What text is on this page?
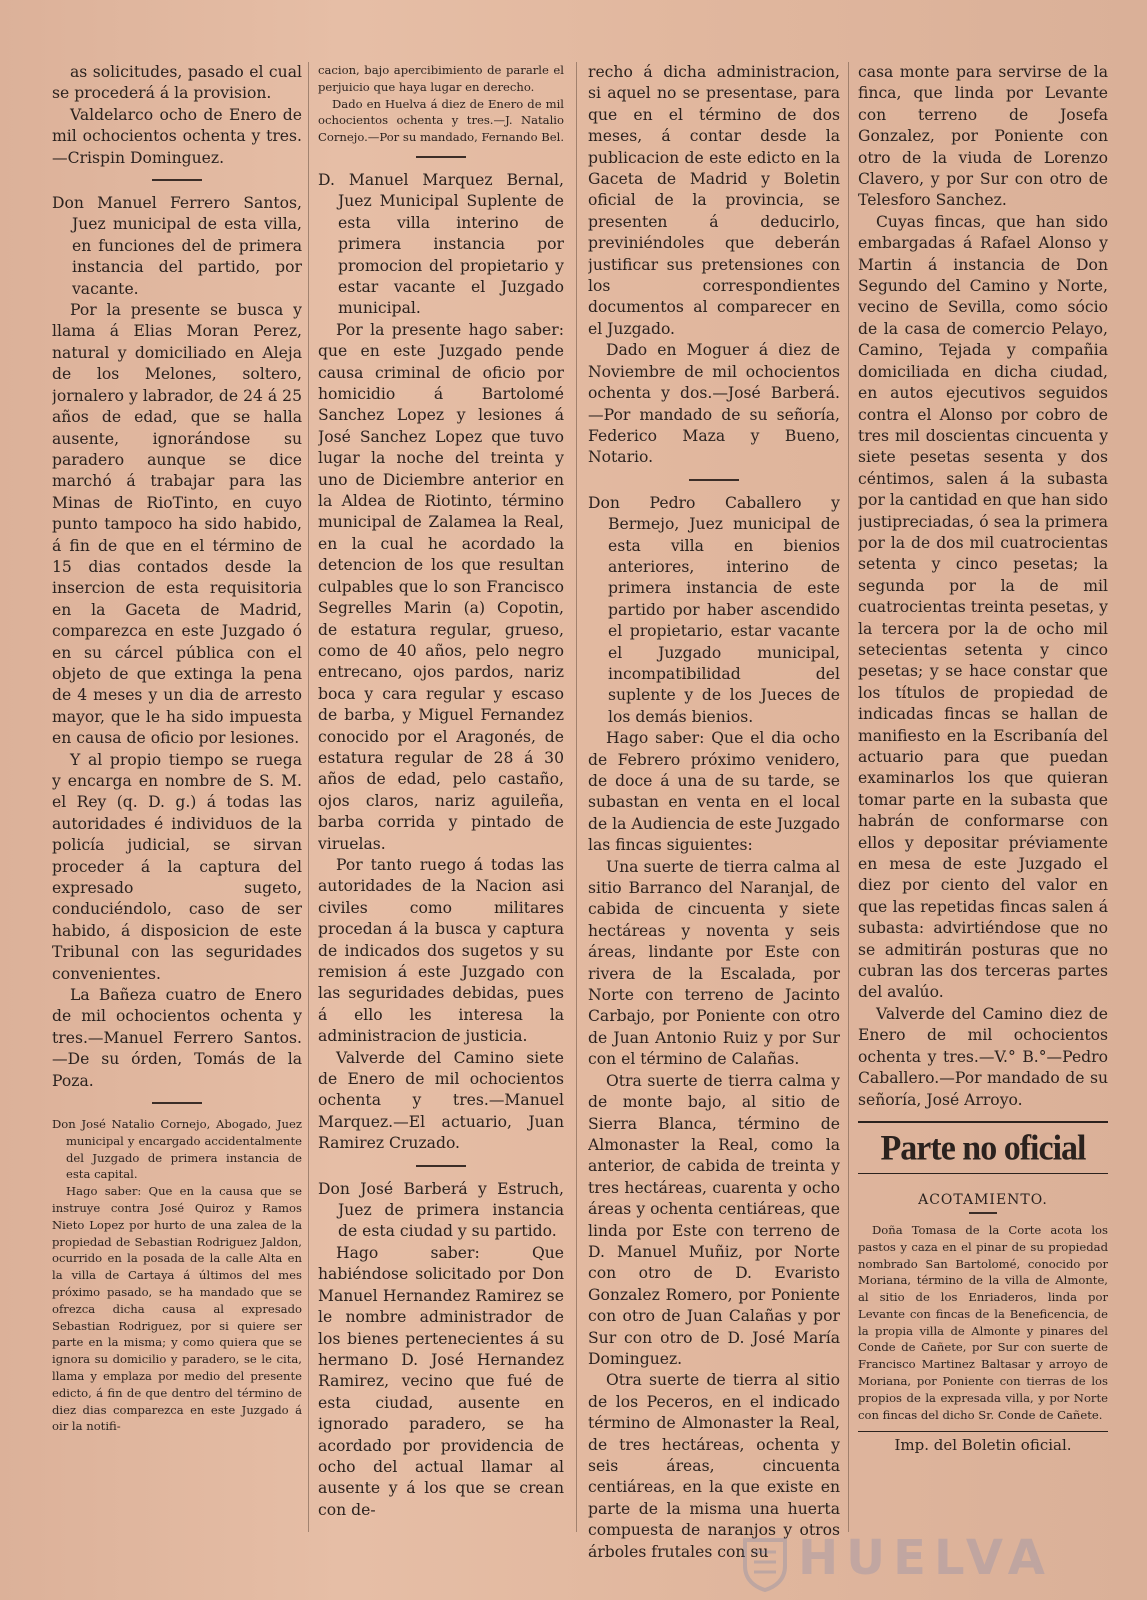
as solicitudes, pasado el cual se procederá á la provision.

Valdelarco ocho de Enero de mil ochocientos ochenta y tres.—Crispin Dominguez.

Don Manuel Ferrero Santos, Juez municipal de esta villa, en funciones del de primera instancia del partido, por vacante.

Por la presente se busca y llama á Elias Moran Perez, natural y domiciliado en Aleja de los Melones, soltero, jornalero y labrador, de 24 á 25 años de edad, que se halla ausente, ignorándose su paradero aunque se dice marchó á trabajar para las Minas de RioTinto, en cuyo punto tampoco ha sido habido, á fin de que en el término de 15 dias contados desde la insercion de esta requisitoria en la Gaceta de Madrid, comparezca en este Juzgado ó en su cárcel pública con el objeto de que extinga la pena de 4 meses y un dia de arresto mayor, que le ha sido impuesta en causa de oficio por lesiones.

Y al propio tiempo se ruega y encarga en nombre de S. M. el Rey (q. D. g.) á todas las autoridades é individuos de la policía judicial, se sirvan proceder á la captura del expresado sugeto, conduciéndolo, caso de ser habido, á disposicion de este Tribunal con las seguridades convenientes.

La Bañeza cuatro de Enero de mil ochocientos ochenta y tres.—Manuel Ferrero Santos.—De su órden, Tomás de la Poza.

Don José Natalio Cornejo, Abogado, Juez municipal y encargado accidentalmente del Juzgado de primera instancia de esta capital.

Hago saber: Que en la causa que se instruye contra José Quiroz y Ramos Nieto Lopez por hurto de una zalea de la propiedad de Sebastian Rodriguez Jaldon, ocurrido en la posada de la calle Alta en la villa de Cartaya á últimos del mes próximo pasado, se ha mandado que se ofrezca dicha causa al expresado Sebastian Rodriguez, por si quiere ser parte en la misma; y como quiera que se ignora su domicilio y paradero, se le cita, llama y emplaza por medio del presente edicto, á fin de que dentro del término de diez dias comparezca en este Juzgado á oir la notifi-

cacion, bajo apercibimiento de pararle el perjuicio que haya lugar en derecho.

Dado en Huelva á diez de Enero de mil ochocientos ochenta y tres.—J. Natalio Cornejo.—Por su mandado, Fernando Bel.

D. Manuel Marquez Bernal, Juez Municipal Suplente de esta villa interino de primera instancia por promocion del propietario y estar vacante el Juzgado municipal.

Por la presente hago saber: que en este Juzgado pende causa criminal de oficio por homicidio á Bartolomé Sanchez Lopez y lesiones á José Sanchez Lopez que tuvo lugar la noche del treinta y uno de Diciembre anterior en la Aldea de Riotinto, término municipal de Zalamea la Real, en la cual he acordado la detencion de los que resultan culpables que lo son Francisco Segrelles Marin (a) Copotin, de estatura regular, grueso, como de 40 años, pelo negro entrecano, ojos pardos, nariz boca y cara regular y escaso de barba, y Miguel Fernandez conocido por el Aragonés, de estatura regular de 28 á 30 años de edad, pelo castaño, ojos claros, nariz aguileña, barba corrida y pintado de viruelas.

Por tanto ruego á todas las autoridades de la Nacion asi civiles como militares procedan á la busca y captura de indicados dos sugetos y su remision á este Juzgado con las seguridades debidas, pues á ello les interesa la administracion de justicia.

Valverde del Camino siete de Enero de mil ochocientos ochenta y tres.—Manuel Marquez.—El actuario, Juan Ramirez Cruzado.

Don José Barberá y Estruch, Juez de primera instancia de esta ciudad y su partido.

Hago saber: Que habiéndose solicitado por Don Manuel Hernandez Ramirez se le nombre administrador de los bienes pertenecientes á su hermano D. José Hernandez Ramirez, vecino que fué de esta ciudad, ausente en ignorado paradero, se ha acordado por providencia de ocho del actual llamar al ausente y á los que se crean con de-

recho á dicha administracion, si aquel no se presentase, para que en el término de dos meses, á contar desde la publicacion de este edicto en la Gaceta de Madrid y Boletin oficial de la provincia, se presenten á deducirlo, previniéndoles que deberán justificar sus pretensiones con los correspondientes documentos al comparecer en el Juzgado.

Dado en Moguer á diez de Noviembre de mil ochocientos ochenta y dos.—José Barberá.—Por mandado de su señoría, Federico Maza y Bueno, Notario.

Don Pedro Caballero y Bermejo, Juez municipal de esta villa en bienios anteriores, interino de primera instancia de este partido por haber ascendido el propietario, estar vacante el Juzgado municipal, incompatibilidad del suplente y de los Jueces de los demás bienios.

Hago saber: Que el dia ocho de Febrero próximo venidero, de doce á una de su tarde, se subastan en venta en el local de la Audiencia de este Juzgado las fincas siguientes:

Una suerte de tierra calma al sitio Barranco del Naranjal, de cabida de cincuenta y siete hectáreas y noventa y seis áreas, lindante por Este con rivera de la Escalada, por Norte con terreno de Jacinto Carbajo, por Poniente con otro de Juan Antonio Ruiz y por Sur con el término de Calañas.

Otra suerte de tierra calma y de monte bajo, al sitio de Sierra Blanca, término de Almonaster la Real, como la anterior, de cabida de treinta y tres hectáreas, cuarenta y ocho áreas y ochenta centiáreas, que linda por Este con terreno de D. Manuel Muñiz, por Norte con otro de D. Evaristo Gonzalez Romero, por Poniente con otro de Juan Calañas y por Sur con otro de D. José María Dominguez.

Otra suerte de tierra al sitio de los Peceros, en el indicado término de Almonaster la Real, de tres hectáreas, ochenta y seis áreas, cincuenta centiáreas, en la que existe en parte de la misma una huerta compuesta de naranjos y otros árboles frutales con su

casa monte para servirse de la finca, que linda por Levante con terreno de Josefa Gonzalez, por Poniente con otro de la viuda de Lorenzo Clavero, y por Sur con otro de Telesforo Sanchez.

Cuyas fincas, que han sido embargadas á Rafael Alonso y Martin á instancia de Don Segundo del Camino y Norte, vecino de Sevilla, como sócio de la casa de comercio Pelayo, Camino, Tejada y compañia domiciliada en dicha ciudad, en autos ejecutivos seguidos contra el Alonso por cobro de tres mil doscientas cincuenta y siete pesetas sesenta y dos céntimos, salen á la subasta por la cantidad en que han sido justipreciadas, ó sea la primera por la de dos mil cuatrocientas setenta y cinco pesetas; la segunda por la de mil cuatrocientas treinta pesetas, y la tercera por la de ocho mil setecientas setenta y cinco pesetas; y se hace constar que los títulos de propiedad de indicadas fincas se hallan de manifiesto en la Escribanía del actuario para que puedan examinarlos los que quieran tomar parte en la subasta que habrán de conformarse con ellos y depositar préviamente en mesa de este Juzgado el diez por ciento del valor en que las repetidas fincas salen á subasta: advirtiéndose que no se admitirán posturas que no cubran las dos terceras partes del avalúo.

Valverde del Camino diez de Enero de mil ochocientos ochenta y tres.—V.° B.°—Pedro Caballero.—Por mandado de su señoría, José Arroyo.

Parte no oficial
ACOTAMIENTO.

Doña Tomasa de la Corte acota los pastos y caza en el pinar de su propiedad nombrado San Bartolomé, conocido por Moriana, término de la villa de Almonte, al sitio de los Enriaderos, linda por Levante con fincas de la Beneficencia, de la propia villa de Almonte y pinares del Conde de Cañete, por Sur con suerte de Francisco Martinez Baltasar y arroyo de Moriana, por Poniente con tierras de los propios de la expresada villa, y por Norte con fincas del dicho Sr. Conde de Cañete.

Imp. del Boletin oficial.
HUELVA
